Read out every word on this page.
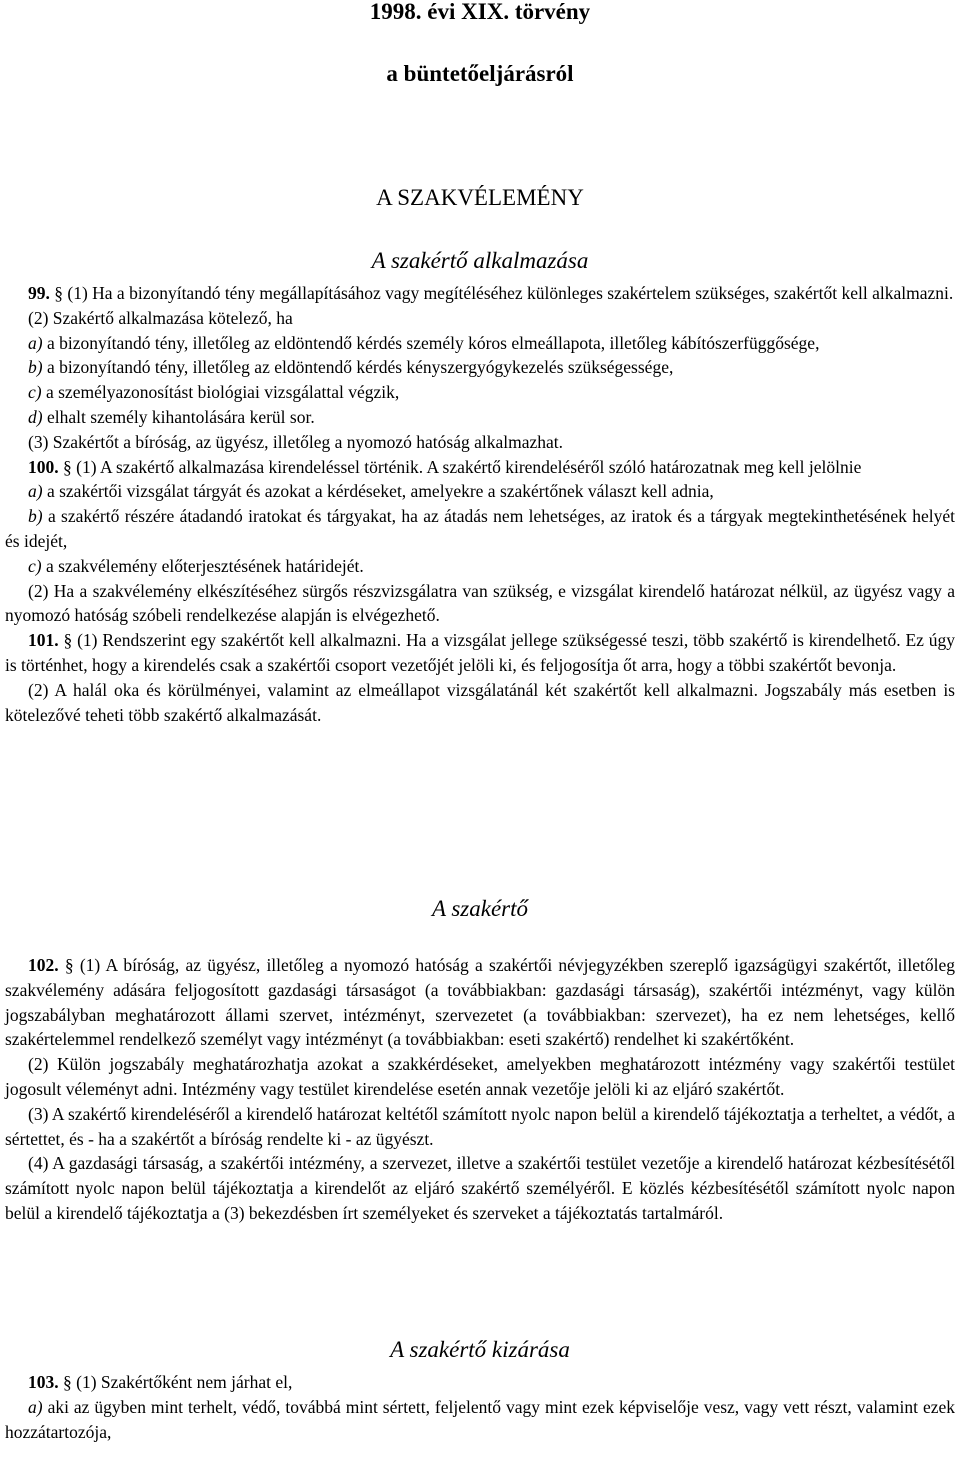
1998. évi XIX. törvény
a büntetőeljárásról
A SZAKVÉLEMÉNY
A szakértő alkalmazása

99. § (1) Ha a bizonyítandó tény megállapításához vagy megítéléséhez különleges szakértelem szükséges, szakértőt kell alkalmazni.

(2) Szakértő alkalmazása kötelező, ha

a) a bizonyítandó tény, illetőleg az eldöntendő kérdés személy kóros elmeállapota, illetőleg kábítószerfüggősége,

b) a bizonyítandó tény, illetőleg az eldöntendő kérdés kényszergyógykezelés szükségessége,

c) a személyazonosítást biológiai vizsgálattal végzik,

d) elhalt személy kihantolására kerül sor.

(3) Szakértőt a bíróság, az ügyész, illetőleg a nyomozó hatóság alkalmazhat.

100. § (1) A szakértő alkalmazása kirendeléssel történik. A szakértő kirendeléséről szóló határozatnak meg kell jelölnie

a) a szakértői vizsgálat tárgyát és azokat a kérdéseket, amelyekre a szakértőnek választ kell adnia,

b) a szakértő részére átadandó iratokat és tárgyakat, ha az átadás nem lehetséges, az iratok és a tárgyak megtekinthetésének helyét és idejét,

c) a szakvélemény előterjesztésének határidejét.

(2) Ha a szakvélemény elkészítéséhez sürgős részvizsgálatra van szükség, e vizsgálat kirendelő határozat nélkül, az ügyész vagy a nyomozó hatóság szóbeli rendelkezése alapján is elvégezhető.

101. § (1) Rendszerint egy szakértőt kell alkalmazni. Ha a vizsgálat jellege szükségessé teszi, több szakértő is kirendelhető. Ez úgy is történhet, hogy a kirendelés csak a szakértői csoport vezetőjét jelöli ki, és feljogosítja őt arra, hogy a többi szakértőt bevonja.

(2) A halál oka és körülményei, valamint az elmeállapot vizsgálatánál két szakértőt kell alkalmazni. Jogszabály más esetben is kötelezővé teheti több szakértő alkalmazását.

A szakértő

102. § (1) A bíróság, az ügyész, illetőleg a nyomozó hatóság a szakértői névjegyzékben szereplő igazságügyi szakértőt, illetőleg szakvélemény adására feljogosított gazdasági társaságot (a továbbiakban: gazdasági társaság), szakértői intézményt, vagy külön jogszabályban meghatározott állami szervet, intézményt, szervezetet (a továbbiakban: szervezet), ha ez nem lehetséges, kellő szakértelemmel rendelkező személyt vagy intézményt (a továbbiakban: eseti szakértő) rendelhet ki szakértőként.

(2) Külön jogszabály meghatározhatja azokat a szakkérdéseket, amelyekben meghatározott intézmény vagy szakértői testület jogosult véleményt adni. Intézmény vagy testület kirendelése esetén annak vezetője jelöli ki az eljáró szakértőt.

(3) A szakértő kirendeléséről a kirendelő határozat keltétől számított nyolc napon belül a kirendelő tájékoztatja a terheltet, a védőt, a sértettet, és - ha a szakértőt a bíróság rendelte ki - az ügyészt.

(4) A gazdasági társaság, a szakértői intézmény, a szervezet, illetve a szakértői testület vezetője a kirendelő határozat kézbesítésétől számított nyolc napon belül tájékoztatja a kirendelőt az eljáró szakértő személyéről. E közlés kézbesítésétől számított nyolc napon belül a kirendelő tájékoztatja a (3) bekezdésben írt személyeket és szerveket a tájékoztatás tartalmáról.

A szakértő kizárása

103. § (1) Szakértőként nem járhat el,

a) aki az ügyben mint terhelt, védő, továbbá mint sértett, feljelentő vagy mint ezek képviselője vesz, vagy vett részt, valamint ezek hozzátartozója,
